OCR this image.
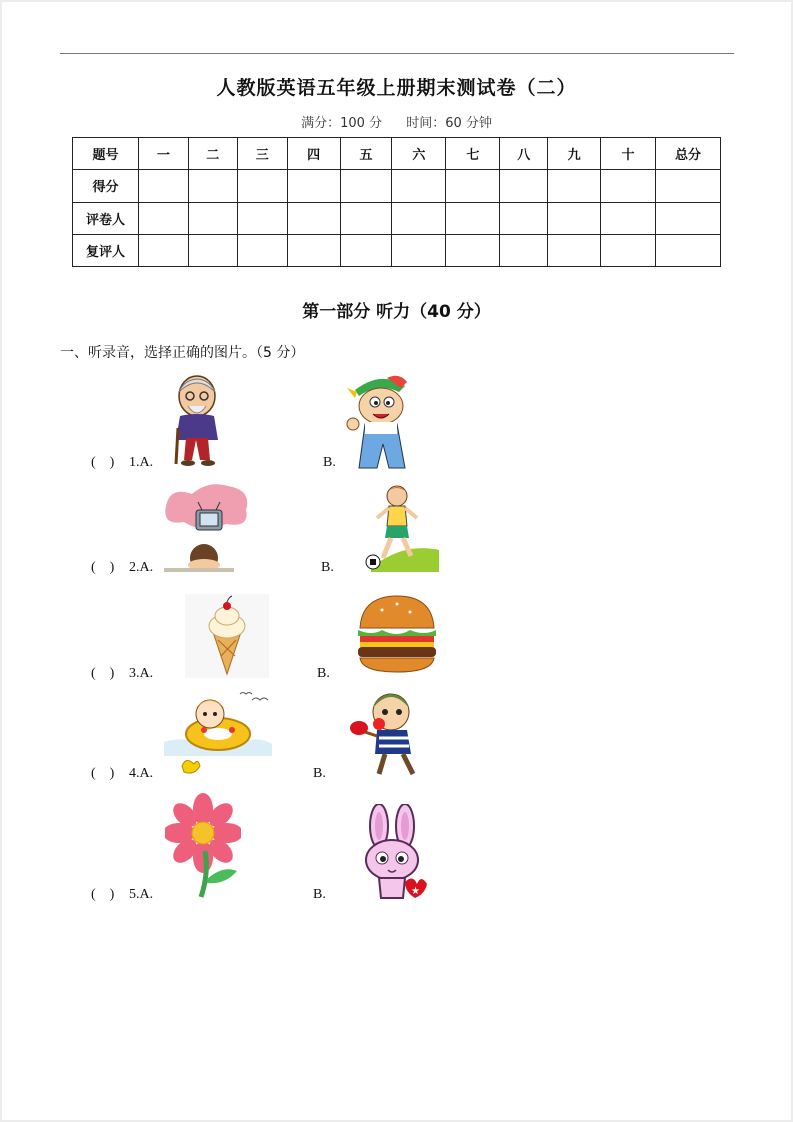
人教版英语五年级上册期末测试卷（二）
满分：100 分 时间：60 分钟
题号	一	二	三	四	五	六	七	八	九	十	总分
得分											
评卷人											
复评人											
第一部分 听力（40 分）
一、听录音，选择正确的图片。（5 分）
( ) 1.A.	B.
( ) 2.A.	B.
( ) 3.A.	B.
( ) 4.A.	B.
( ) 5.A.	B.	★
